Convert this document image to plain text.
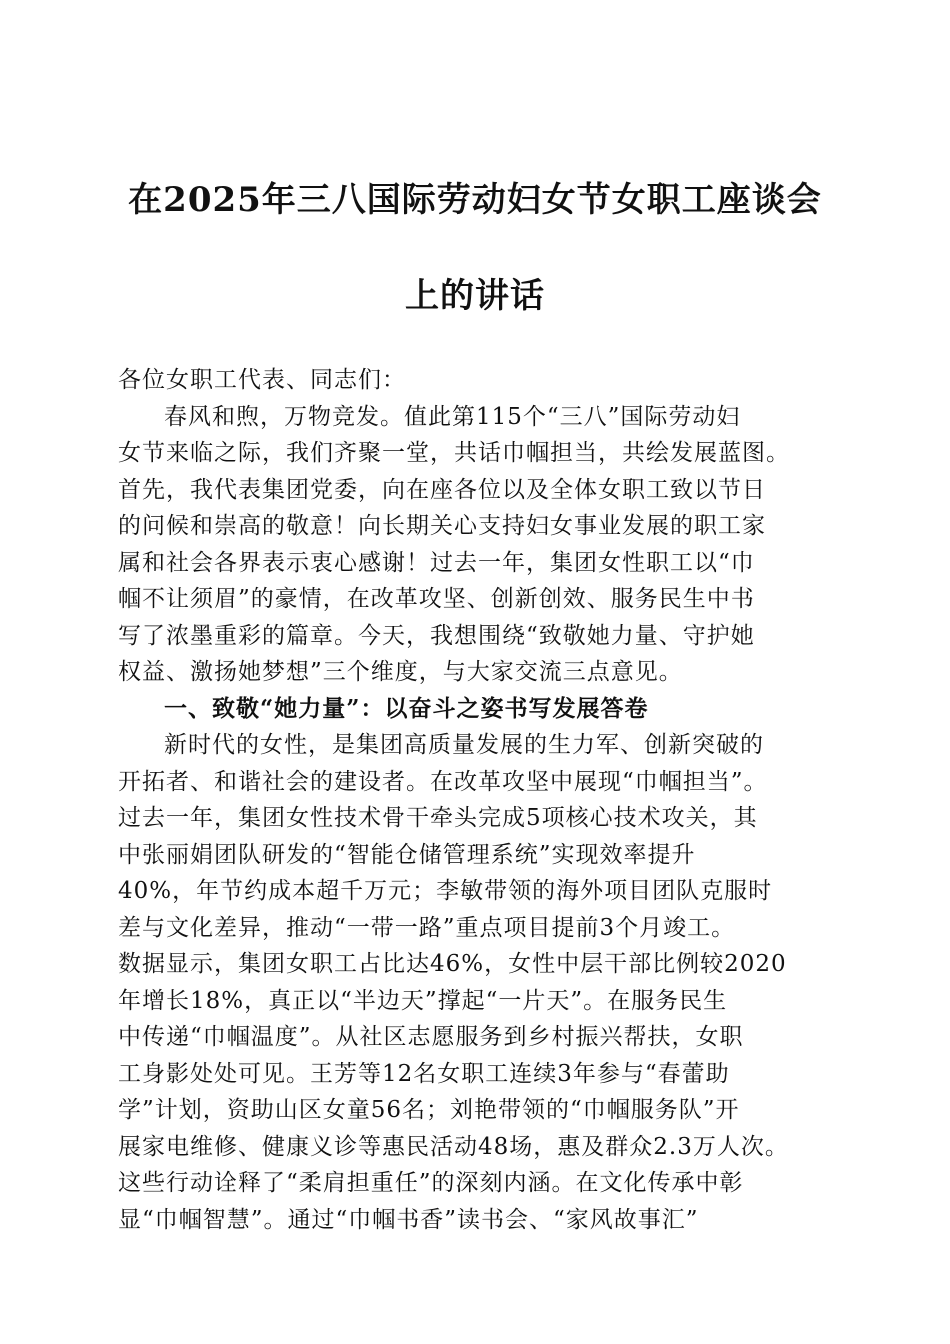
在2025年三八国际劳动妇女节女职工座谈会
上的讲话
各位女职工代表、同志们：
春风和煦，万物竞发。值此第115个“三八”国际劳动妇
女节来临之际，我们齐聚一堂，共话巾帼担当，共绘发展蓝图。
首先，我代表集团党委，向在座各位以及全体女职工致以节日
的问候和崇高的敬意！向长期关心支持妇女事业发展的职工家
属和社会各界表示衷心感谢！过去一年，集团女性职工以“巾
帼不让须眉”的豪情，在改革攻坚、创新创效、服务民生中书
写了浓墨重彩的篇章。今天，我想围绕“致敬她力量、守护她
权益、激扬她梦想”三个维度，与大家交流三点意见。
一、致敬“她力量”：以奋斗之姿书写发展答卷
新时代的女性，是集团高质量发展的生力军、创新突破的
开拓者、和谐社会的建设者。在改革攻坚中展现“巾帼担当”。
过去一年，集团女性技术骨干牵头完成5项核心技术攻关，其
中张丽娟团队研发的“智能仓储管理系统”实现效率提升
40%，年节约成本超千万元；李敏带领的海外项目团队克服时
差与文化差异，推动“一带一路”重点项目提前3个月竣工。
数据显示，集团女职工占比达46%，女性中层干部比例较2020
年增长18%，真正以“半边天”撑起“一片天”。在服务民生
中传递“巾帼温度”。从社区志愿服务到乡村振兴帮扶，女职
工身影处处可见。王芳等12名女职工连续3年参与“春蕾助
学”计划，资助山区女童56名；刘艳带领的“巾帼服务队”开
展家电维修、健康义诊等惠民活动48场，惠及群众2.3万人次。
这些行动诠释了“柔肩担重任”的深刻内涵。在文化传承中彰
显“巾帼智慧”。通过“巾帼书香”读书会、“家风故事汇”
